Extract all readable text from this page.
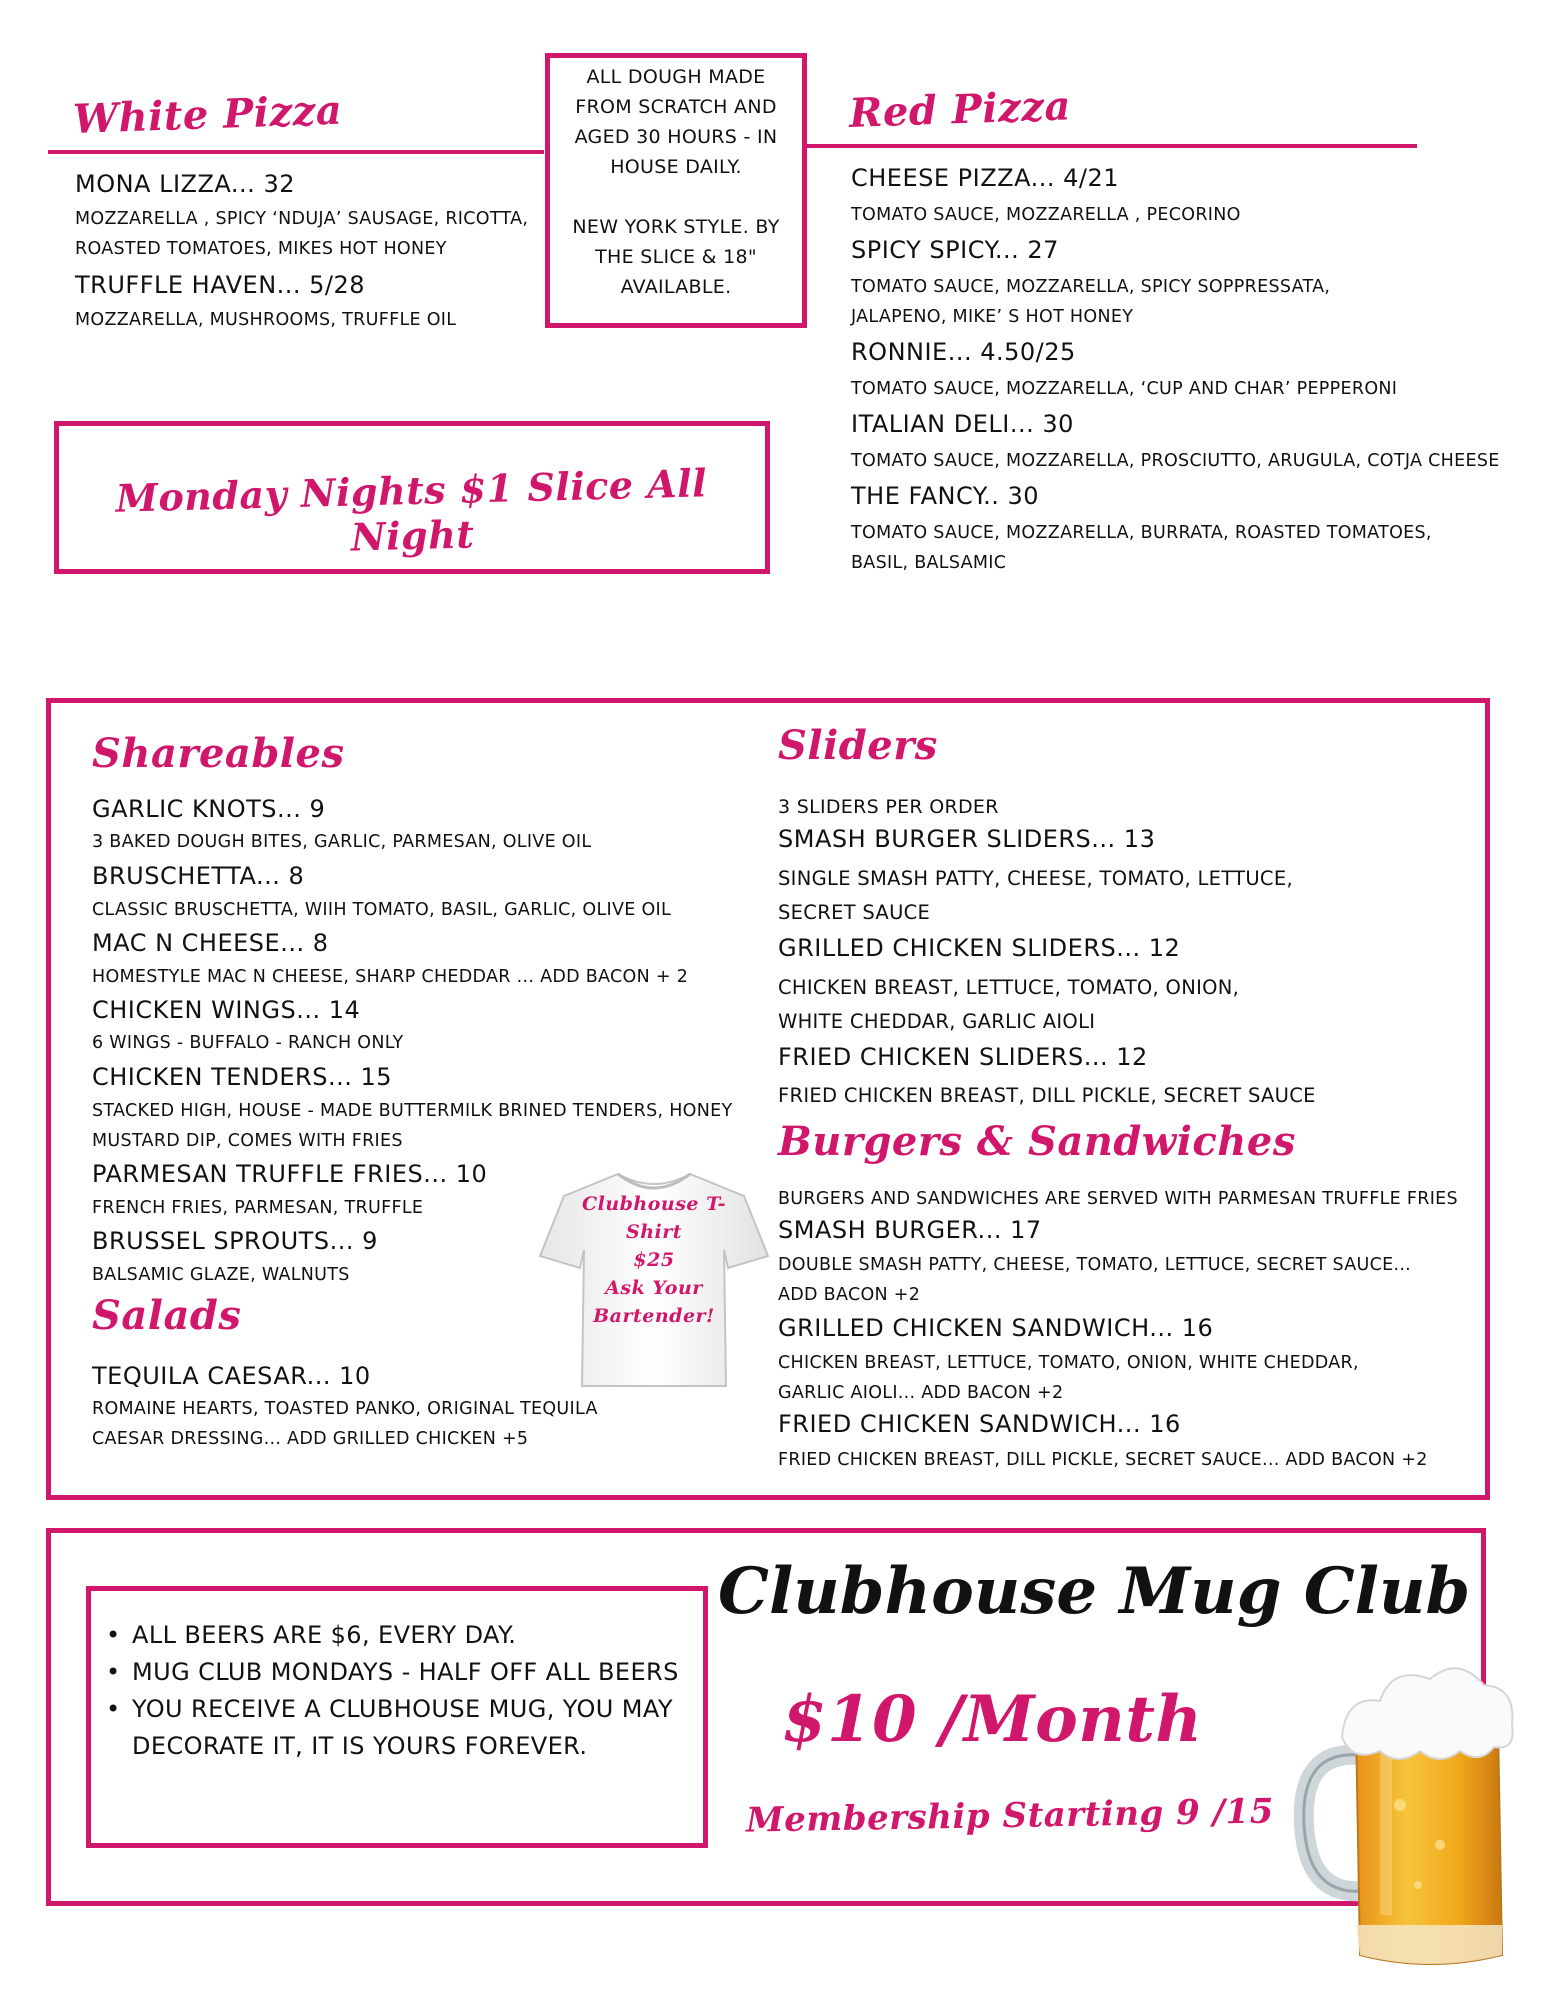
White Pizza
MONA LIZZA... 32
MOZZARELLA , SPICY ‘NDUJA’ SAUSAGE, RICOTTA,
ROASTED TOMATOES, MIKES HOT HONEY
TRUFFLE HAVEN... 5/28
MOZZARELLA, MUSHROOMS, TRUFFLE OIL
ALL DOUGH MADE
FROM SCRATCH AND
AGED 30 HOURS - IN
HOUSE DAILY.

NEW YORK STYLE. BY
THE SLICE & 18"
AVAILABLE.
Red Pizza
CHEESE PIZZA... 4/21
TOMATO SAUCE, MOZZARELLA , PECORINO
SPICY SPICY... 27
TOMATO SAUCE, MOZZARELLA, SPICY SOPPRESSATA,
JALAPENO, MIKE’ S HOT HONEY
RONNIE... 4.50/25
TOMATO SAUCE, MOZZARELLA, ‘CUP AND CHAR’ PEPPERONI
ITALIAN DELI... 30
TOMATO SAUCE, MOZZARELLA, PROSCIUTTO, ARUGULA, COTJA CHEESE
THE FANCY.. 30
TOMATO SAUCE, MOZZARELLA, BURRATA, ROASTED TOMATOES,
BASIL, BALSAMIC
Monday Nights $1 Slice All Night
Shareables
GARLIC KNOTS... 9
3 BAKED DOUGH BITES, GARLIC, PARMESAN, OLIVE OIL
BRUSCHETTA... 8
CLASSIC BRUSCHETTA, WIIH TOMATO, BASIL, GARLIC, OLIVE OIL
MAC N CHEESE... 8
HOMESTYLE MAC N CHEESE, SHARP CHEDDAR ... ADD BACON + 2
CHICKEN WINGS... 14
6 WINGS - BUFFALO - RANCH ONLY
CHICKEN TENDERS... 15
STACKED HIGH, HOUSE - MADE BUTTERMILK BRINED TENDERS, HONEY
MUSTARD DIP, COMES WITH FRIES
PARMESAN TRUFFLE FRIES... 10
FRENCH FRIES, PARMESAN, TRUFFLE
BRUSSEL SPROUTS... 9
BALSAMIC GLAZE, WALNUTS
Salads
TEQUILA CAESAR... 10
ROMAINE HEARTS, TOASTED PANKO, ORIGINAL TEQUILA
CAESAR DRESSING... ADD GRILLED CHICKEN +5
Clubhouse T-
Shirt
$25
Ask Your
Bartender!
Sliders
3 SLIDERS PER ORDER
SMASH BURGER SLIDERS... 13
SINGLE SMASH PATTY, CHEESE, TOMATO, LETTUCE,
SECRET SAUCE
GRILLED CHICKEN SLIDERS... 12
CHICKEN BREAST, LETTUCE, TOMATO, ONION,
WHITE CHEDDAR, GARLIC AIOLI
FRIED CHICKEN SLIDERS... 12
FRIED CHICKEN BREAST, DILL PICKLE, SECRET SAUCE
Burgers & Sandwiches
BURGERS AND SANDWICHES ARE SERVED WITH PARMESAN TRUFFLE FRIES
SMASH BURGER... 17
DOUBLE SMASH PATTY, CHEESE, TOMATO, LETTUCE, SECRET SAUCE...
ADD BACON +2
GRILLED CHICKEN SANDWICH... 16
CHICKEN BREAST, LETTUCE, TOMATO, ONION, WHITE CHEDDAR,
GARLIC AIOLI... ADD BACON +2
FRIED CHICKEN SANDWICH... 16
FRIED CHICKEN BREAST, DILL PICKLE, SECRET SAUCE... ADD BACON +2
• ALL BEERS ARE $6, EVERY DAY.
• MUG CLUB MONDAYS - HALF OFF ALL BEERS
• YOU RECEIVE A CLUBHOUSE MUG, YOU MAY
DECORATE IT, IT IS YOURS FOREVER.
Clubhouse Mug Club
$10 /Month
Membership Starting 9 /15
